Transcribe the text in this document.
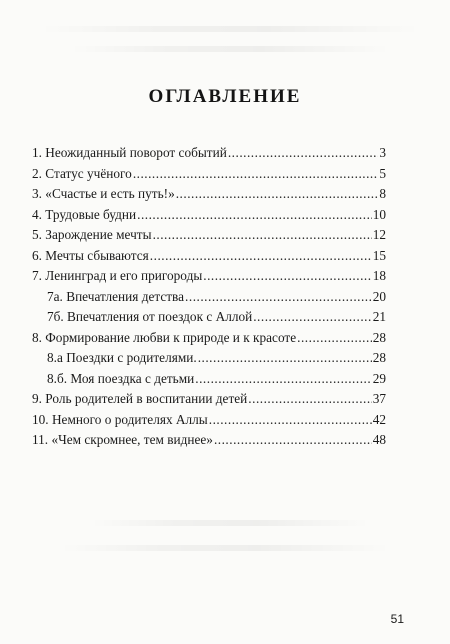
ОГЛАВЛЕНИЕ
1. Неожиданный поворот событий .....	3
2. Статус учёного .....	5
3. «Счастье и есть путь!» .....	8
4. Трудовые будни .....	10
5. Зарождение мечты .....	12
6. Мечты сбываются .....	15
7. Ленинград и его пригороды .....	18
7а. Впечатления детства .....	20
7б. Впечатления от поездок с Аллой .....	21
8. Формирование любви к природе и к красоте .....	28
8.а Поездки с родителями. .....	28
8.б. Моя поездка с детьми .....	29
9. Роль родителей в воспитании детей .....	37
10. Немного о родителях Аллы .....	42
11. «Чем скромнее, тем виднее» .....	48
51
